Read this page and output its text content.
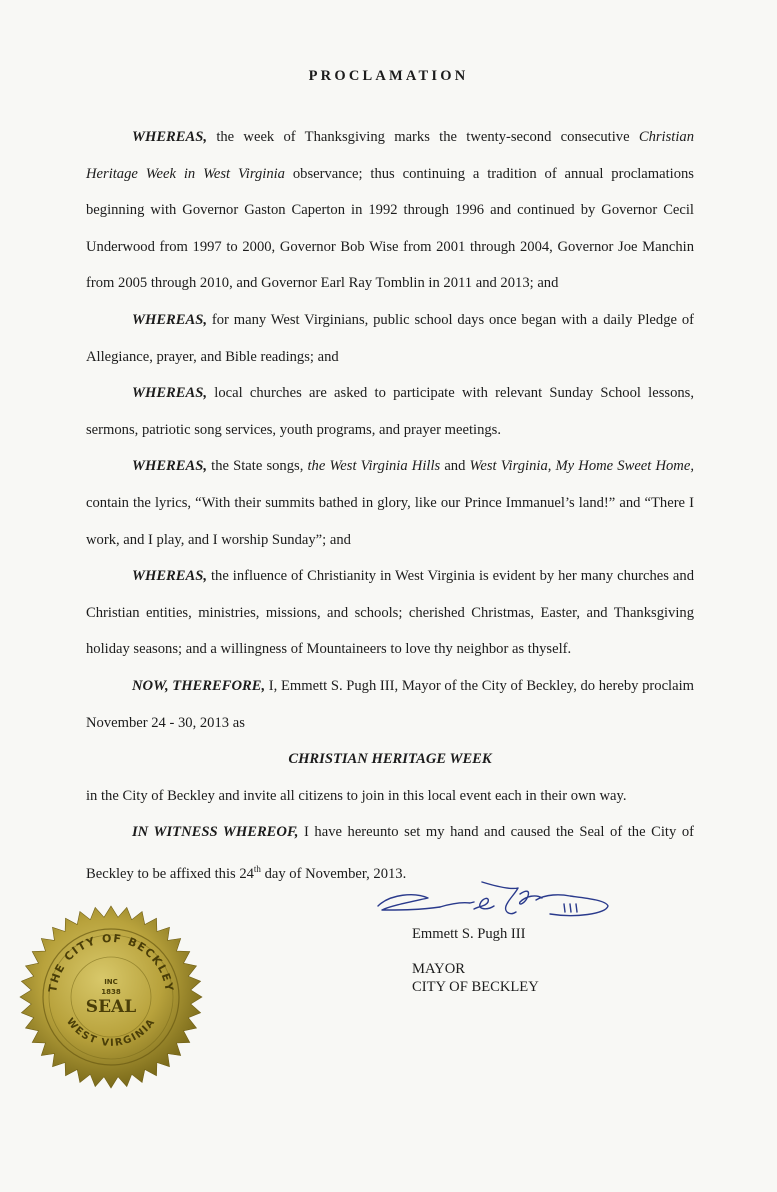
PROCLAMATION

WHEREAS, the week of Thanksgiving marks the twenty-second consecutive Christian Heritage Week in West Virginia observance; thus continuing a tradition of annual proclamations beginning with Governor Gaston Caperton in 1992 through 1996 and continued by Governor Cecil Underwood from 1997 to 2000, Governor Bob Wise from 2001 through 2004, Governor Joe Manchin from 2005 through 2010, and Governor Earl Ray Tomblin in 2011 and 2013; and

WHEREAS, for many West Virginians, public school days once began with a daily Pledge of Allegiance, prayer, and Bible readings; and

WHEREAS, local churches are asked to participate with relevant Sunday School lessons, sermons, patriotic song services, youth programs, and prayer meetings.

WHEREAS, the State songs, the West Virginia Hills and West Virginia, My Home Sweet Home, contain the lyrics, “With their summits bathed in glory, like our Prince Immanuel’s land!” and “There I work, and I play, and I worship Sunday”; and

WHEREAS, the influence of Christianity in West Virginia is evident by her many churches and Christian entities, ministries, missions, and schools; cherished Christmas, Easter, and Thanksgiving holiday seasons; and a willingness of Mountaineers to love thy neighbor as thyself.

NOW, THEREFORE, I, Emmett S. Pugh III, Mayor of the City of Beckley, do hereby proclaim November 24 - 30, 2013 as

CHRISTIAN HERITAGE WEEK

in the City of Beckley and invite all citizens to join in this local event each in their own way.

IN WITNESS WHEREOF, I have hereunto set my hand and caused the Seal of the City of Beckley to be affixed this 24th day of November, 2013.

Emmett S. Pugh III
MAYOR
CITY OF BECKLEY
THE CITY OF BECKLEY
WEST VIRGINIA
INC
1838
SEAL
